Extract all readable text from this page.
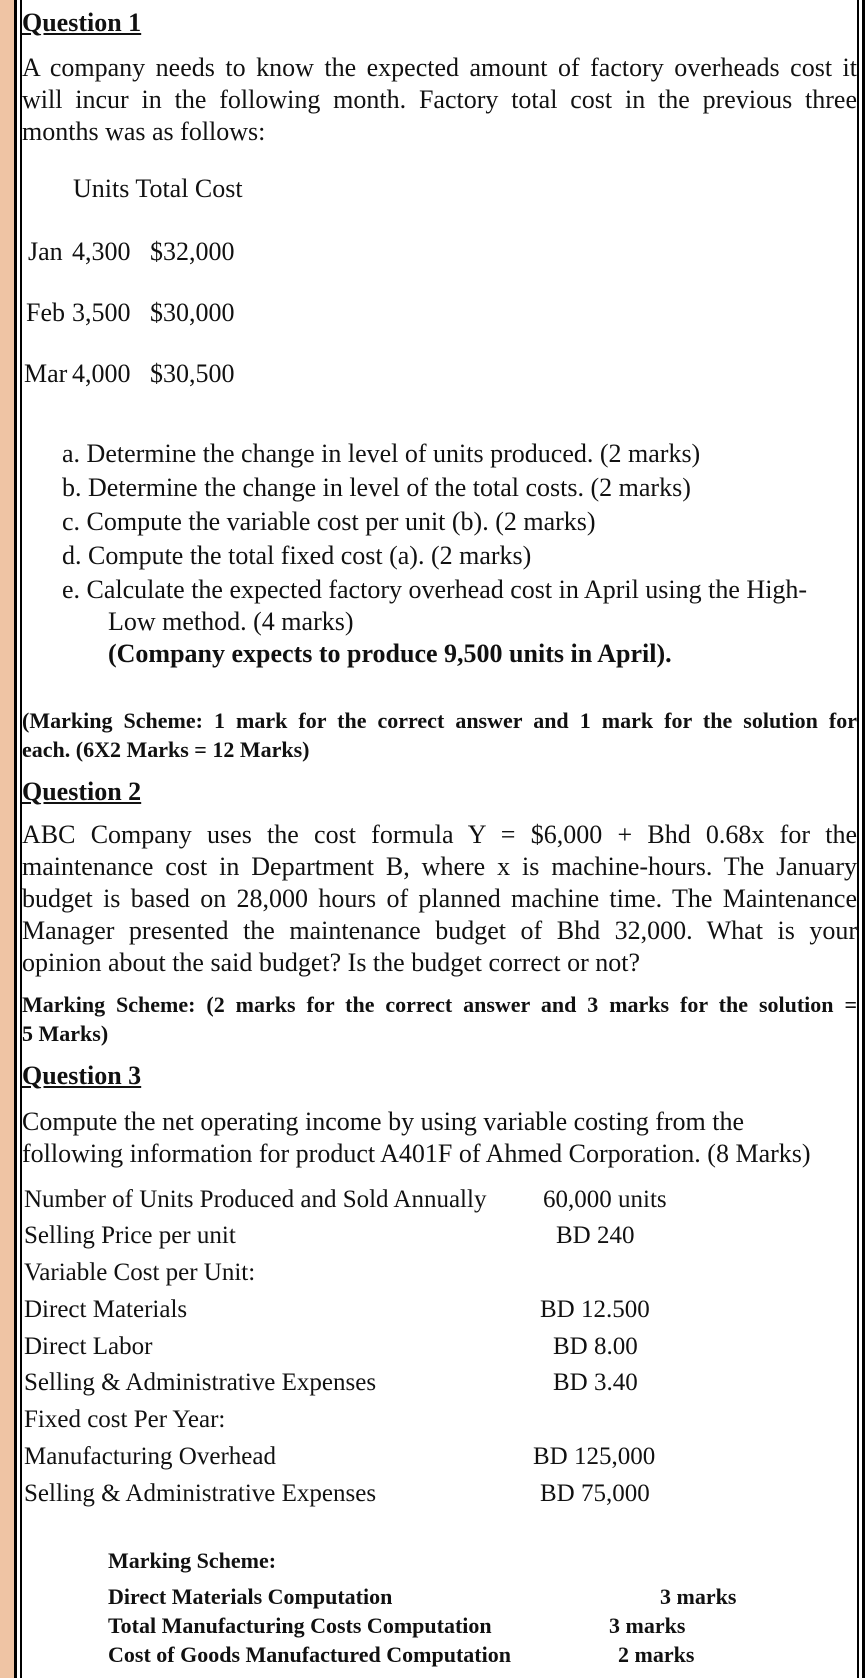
Question 1
A company needs to know the expected amount of factory overheads cost it
will incur in the following month. Factory total cost in the previous three
months was as follows:
Units Total Cost
Jan 4,300 $32,000
Feb 3,500 $30,000
Mar 4,000 $30,500
a. Determine the change in level of units produced. (2 marks)
b. Determine the change in level of the total costs. (2 marks)
c. Compute the variable cost per unit (b). (2 marks)
d. Compute the total fixed cost (a). (2 marks)
e. Calculate the expected factory overhead cost in April using the High-
Low method. (4 marks)
(Company expects to produce 9,500 units in April).
(Marking Scheme: 1 mark for the correct answer and 1 mark for the solution for
each. (6X2 Marks = 12 Marks)
Question 2
ABC Company uses the cost formula Y = $6,000 + Bhd 0.68x for the
maintenance cost in Department B, where x is machine-hours. The January
budget is based on 28,000 hours of planned machine time. The Maintenance
Manager presented the maintenance budget of Bhd 32,000. What is your
opinion about the said budget? Is the budget correct or not?
Marking Scheme: (2 marks for the correct answer and 3 marks for the solution =
5 Marks)
Question 3
Compute the net operating income by using variable costing from the
following information for product A401F of Ahmed Corporation. (8 Marks)
Number of Units Produced and Sold Annually 60,000 units
Selling Price per unit	BD 240
Variable Cost per Unit:
Direct Materials	BD 12.500
Direct Labor	BD 8.00
Selling & Administrative Expenses	BD 3.40
Fixed cost Per Year:
Manufacturing Overhead	BD 125,000
Selling & Administrative Expenses	BD 75,000
Marking Scheme:
Direct Materials Computation	3 marks
Total Manufacturing Costs Computation	3 marks
Cost of Goods Manufactured Computation	2 marks
